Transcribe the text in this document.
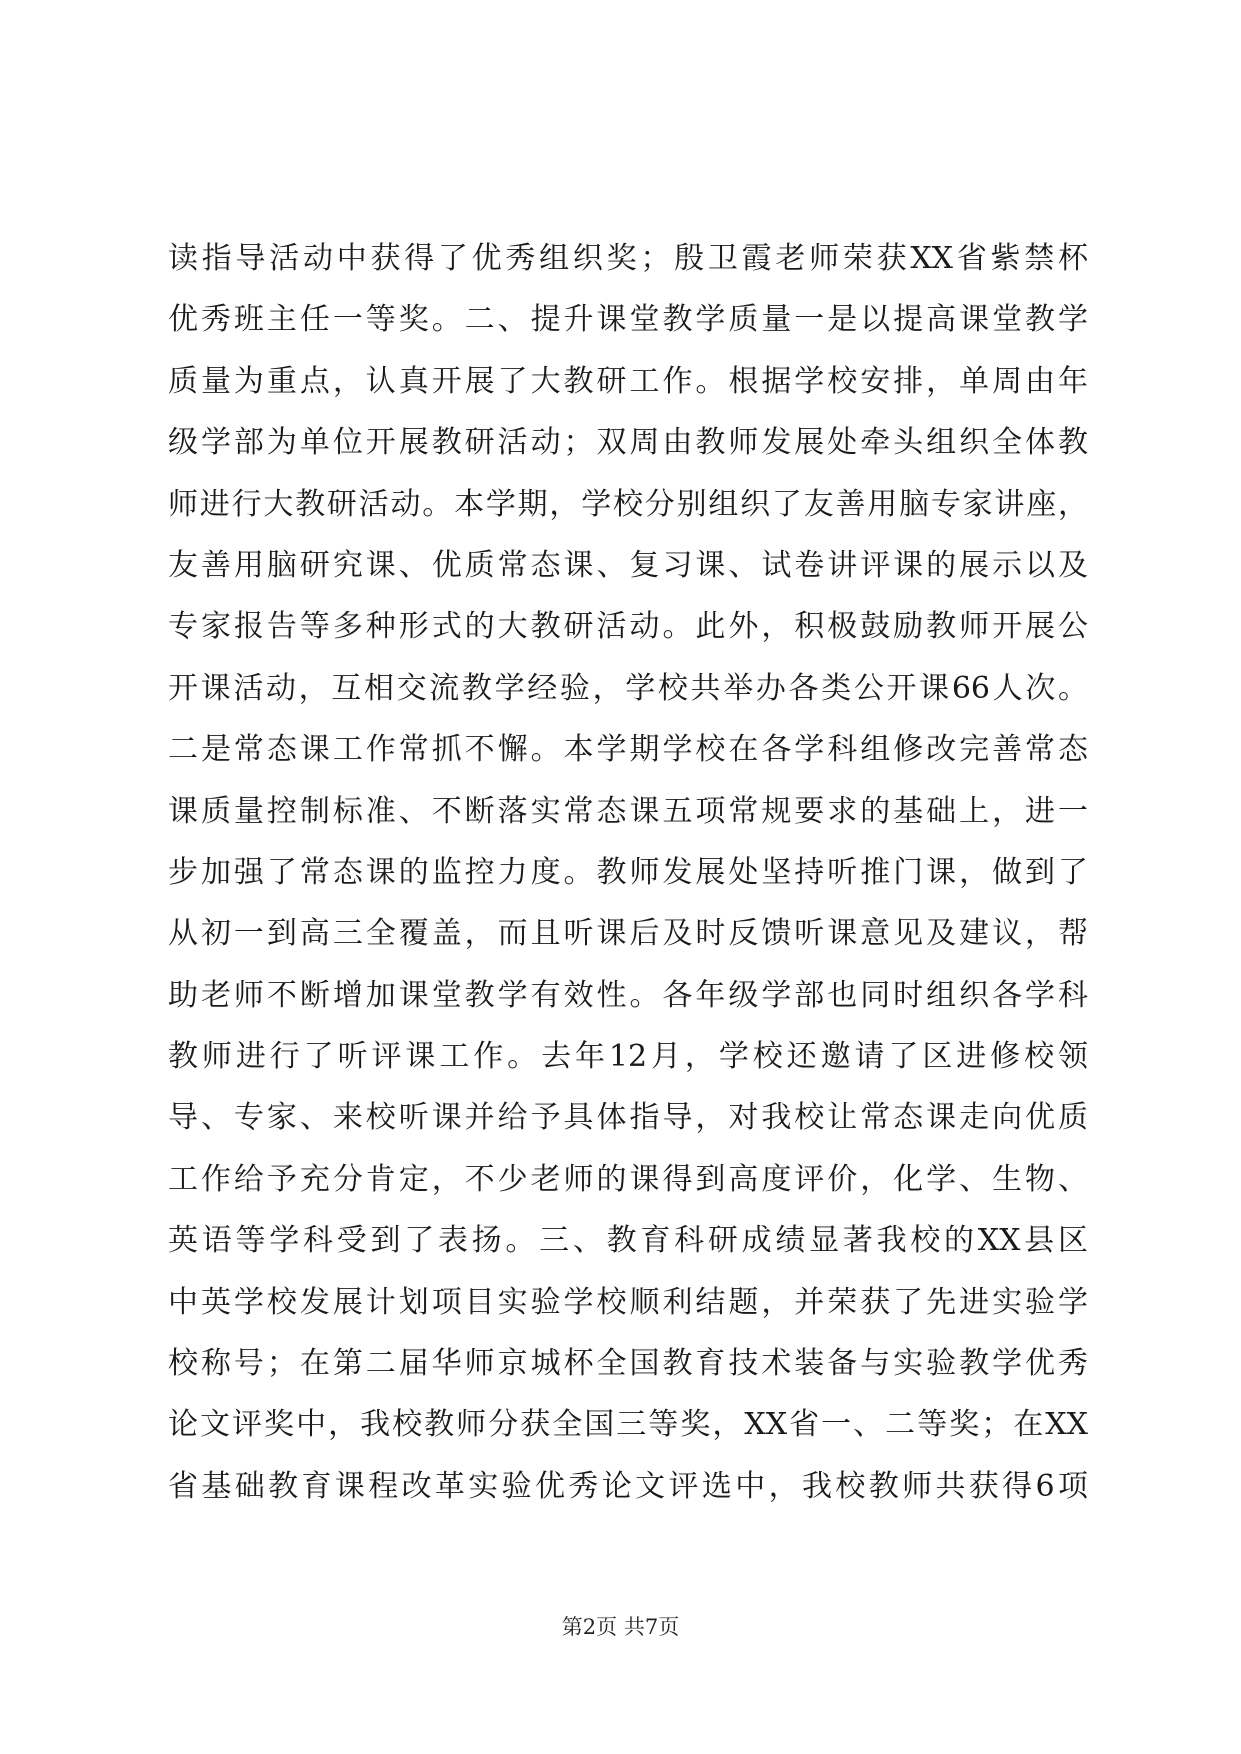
读指导活动中获得了优秀组织奖；殷卫霞老师荣获XX省紫禁杯
优秀班主任一等奖。二、提升课堂教学质量一是以提高课堂教学
质量为重点，认真开展了大教研工作。根据学校安排，单周由年
级学部为单位开展教研活动；双周由教师发展处牵头组织全体教
师进行大教研活动。本学期，学校分别组织了友善用脑专家讲座，
友善用脑研究课、优质常态课、复习课、试卷讲评课的展示以及
专家报告等多种形式的大教研活动。此外，积极鼓励教师开展公
开课活动，互相交流教学经验，学校共举办各类公开课66人次。
二是常态课工作常抓不懈。本学期学校在各学科组修改完善常态
课质量控制标准、不断落实常态课五项常规要求的基础上，进一
步加强了常态课的监控力度。教师发展处坚持听推门课，做到了
从初一到高三全覆盖，而且听课后及时反馈听课意见及建议，帮
助老师不断增加课堂教学有效性。各年级学部也同时组织各学科
教师进行了听评课工作。去年12月，学校还邀请了区进修校领
导、专家、来校听课并给予具体指导，对我校让常态课走向优质
工作给予充分肯定，不少老师的课得到高度评价，化学、生物、
英语等学科受到了表扬。三、教育科研成绩显著我校的XX县区
中英学校发展计划项目实验学校顺利结题，并荣获了先进实验学
校称号；在第二届华师京城杯全国教育技术装备与实验教学优秀
论文评奖中，我校教师分获全国三等奖，XX省一、二等奖；在XX
省基础教育课程改革实验优秀论文评选中，我校教师共获得6项
第2页 共7页
